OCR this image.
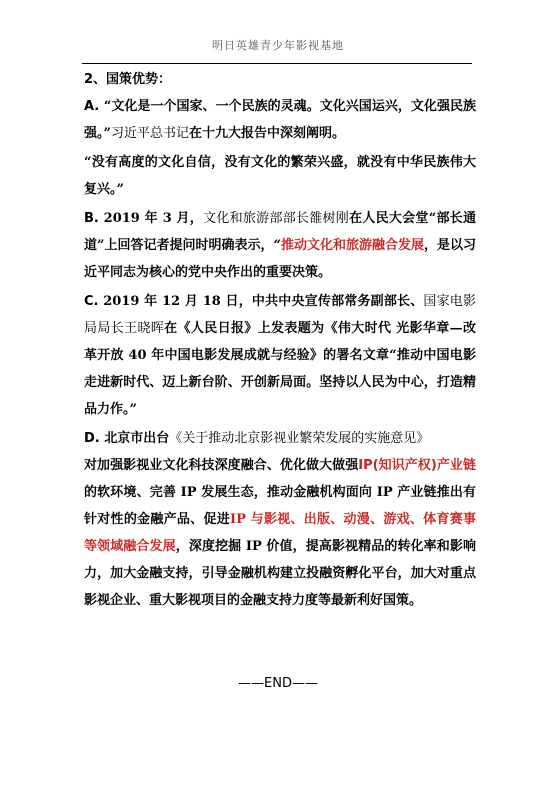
明日英雄青少年影视基地

2、国策优势：

A. “文化是一个国家、一个民族的灵魂。文化兴国运兴，文化强民族强。”习近平总书记在十九大报告中深刻阐明。

“没有高度的文化自信，没有文化的繁荣兴盛，就没有中华民族伟大复兴。”

B. 2019 年 3 月，文化和旅游部部长雒树刚在人民大会堂“部长通道”上回答记者提问时明确表示，“推动文化和旅游融合发展，是以习近平同志为核心的党中央作出的重要决策。

C. 2019 年 12 月 18 日，中共中央宣传部常务副部长、国家电影局局长王晓晖在《人民日报》上发表题为《伟大时代 光影华章—改革开放 40 年中国电影发展成就与经验》的署名文章“推动中国电影走进新时代、迈上新台阶、开创新局面。坚持以人民为中心，打造精品力作。”

D. 北京市出台《关于推动北京影视业繁荣发展的实施意见》
对加强影视业文化科技深度融合、优化做大做强IP(知识产权)产业链的软环境、完善 IP 发展生态，推动金融机构面向 IP 产业链推出有针对性的金融产品、促进IP 与影视、出版、动漫、游戏、体育赛事等领域融合发展，深度挖掘 IP 价值，提高影视精品的转化率和影响力，加大金融支持，引导金融机构建立投融资孵化平台，加大对重点影视企业、重大影视项目的金融支持力度等最新利好国策。

——END——
